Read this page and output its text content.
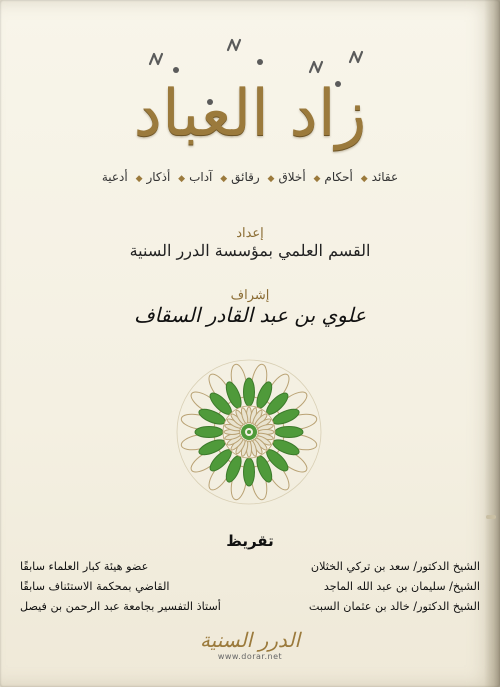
زاد العباد
عقائد◆ أحكام◆ أخلاق◆ رقائق◆ آداب◆ أذكار◆ أدعية
إعداد
القسم العلمي بمؤسسة الدرر السنية
إشراف
علوي بن عبد القادر السقاف
تقريظ
الشيخ الدكتور/ سعد بن تركي الخثلان
عضو هيئة كبار العلماء سابقًا
الشيخ/ سليمان بن عبد الله الماجد
القاضي بمحكمة الاستئناف سابقًا
الشيخ الدكتور/ خالد بن عثمان السبت
أستاذ التفسير بجامعة عبد الرحمن بن فيصل
الدرر السنية
www.dorar.net
